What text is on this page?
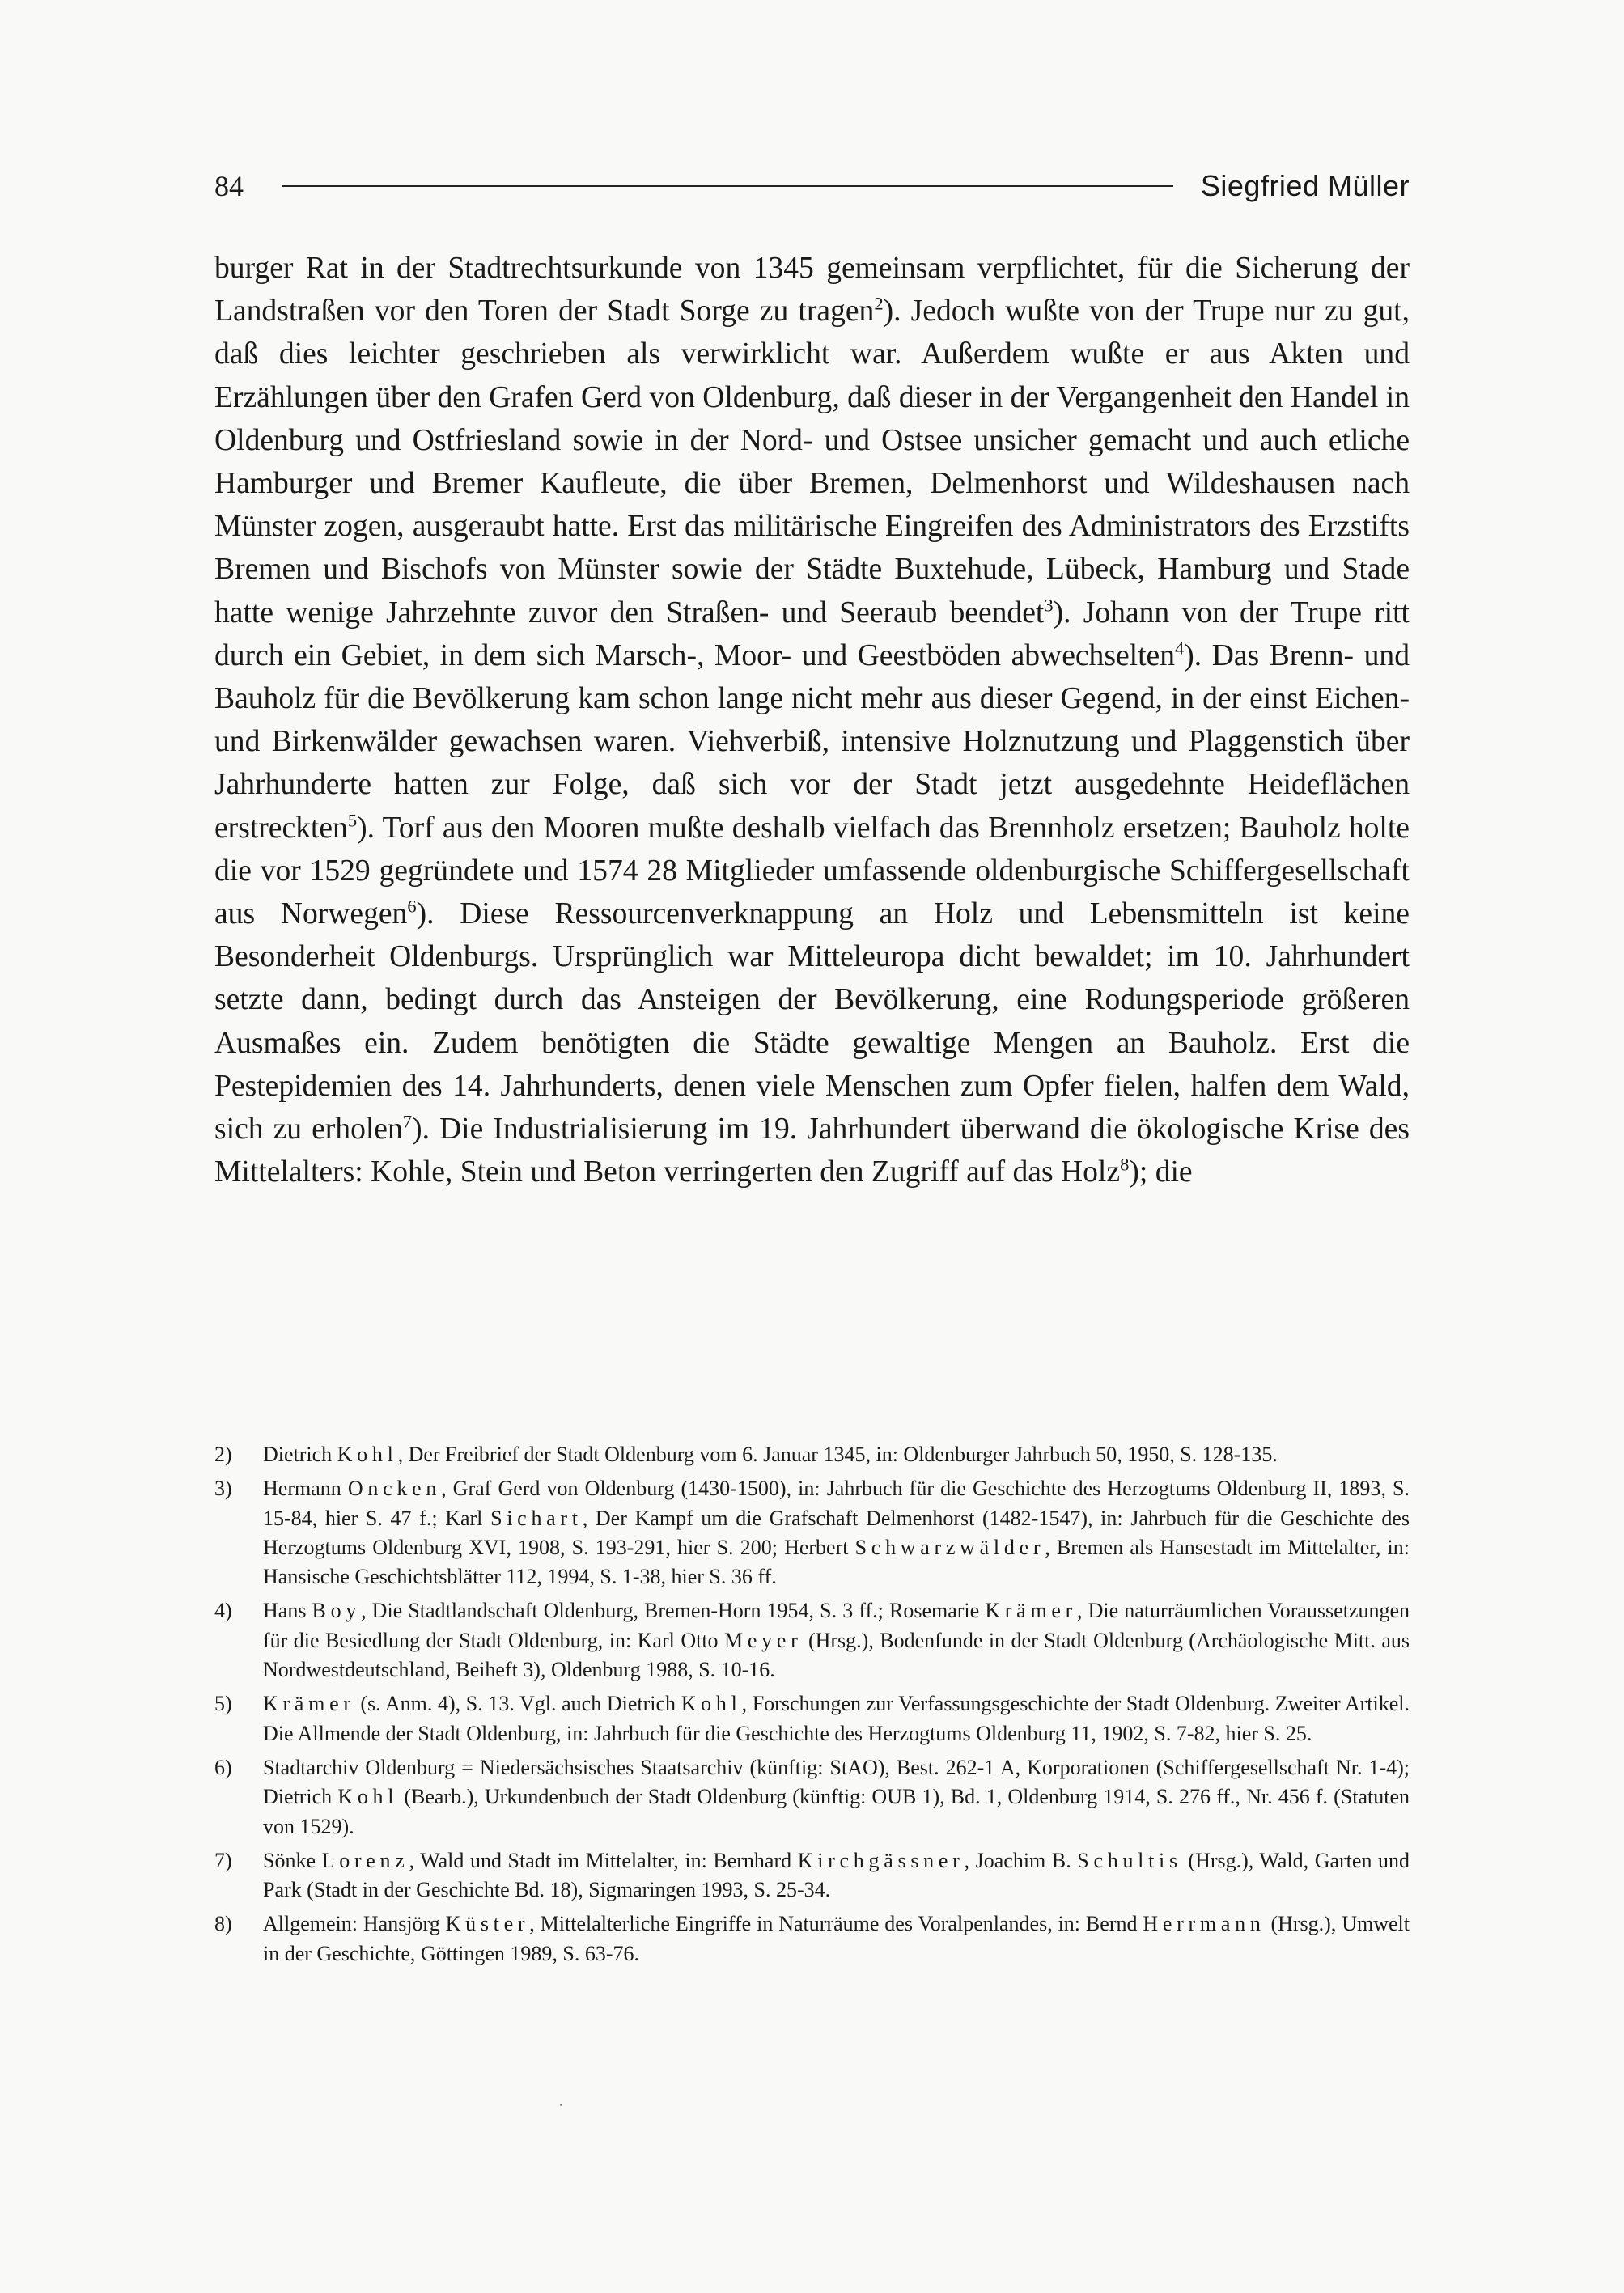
84	Siegfried Müller

burger Rat in der Stadtrechtsurkunde von 1345 gemeinsam verpflichtet, für die Sicherung der Landstraßen vor den Toren der Stadt Sorge zu tragen$^2$). Jedoch wußte von der Trupe nur zu gut, daß dies leichter geschrieben als verwirklicht war. Außerdem wußte er aus Akten und Erzählungen über den Grafen Gerd von Oldenburg, daß dieser in der Vergangenheit den Handel in Oldenburg und Ostfriesland sowie in der Nord- und Ostsee unsicher gemacht und auch etliche Hamburger und Bremer Kaufleute, die über Bremen, Delmenhorst und Wildeshausen nach Münster zogen, ausgeraubt hatte. Erst das militärische Eingreifen des Administrators des Erzstifts Bremen und Bischofs von Münster sowie der Städte Buxtehude, Lübeck, Hamburg und Stade hatte wenige Jahrzehnte zuvor den Straßen- und Seeraub beendet$^3$). Johann von der Trupe ritt durch ein Gebiet, in dem sich Marsch-, Moor- und Geestböden abwechselten$^4$). Das Brenn- und Bauholz für die Bevölkerung kam schon lange nicht mehr aus dieser Gegend, in der einst Eichen- und Birkenwälder gewachsen waren. Viehverbiß, intensive Holznutzung und Plaggenstich über Jahrhunderte hatten zur Folge, daß sich vor der Stadt jetzt ausgedehnte Heideflächen erstreckten$^5$). Torf aus den Mooren mußte deshalb vielfach das Brennholz ersetzen; Bauholz holte die vor 1529 gegründete und 1574 28 Mitglieder umfassende oldenburgische Schiffergesellschaft aus Norwegen$^6$). Diese Ressourcenverknappung an Holz und Lebensmitteln ist keine Besonderheit Oldenburgs. Ursprünglich war Mitteleuropa dicht bewaldet; im 10. Jahrhundert setzte dann, bedingt durch das Ansteigen der Bevölkerung, eine Rodungsperiode größeren Ausmaßes ein. Zudem benötigten die Städte gewaltige Mengen an Bauholz. Erst die Pestepidemien des 14. Jahrhunderts, denen viele Menschen zum Opfer fielen, halfen dem Wald, sich zu erholen$^7$). Die Industrialisierung im 19. Jahrhundert überwand die ökologische Krise des Mittelalters: Kohle, Stein und Beton verringerten den Zugriff auf das Holz$^8$); die

2)	Dietrich Kohl, Der Freibrief der Stadt Oldenburg vom 6. Januar 1345, in: Oldenburger Jahrbuch 50, 1950, S. 128-135.
3)	Hermann Oncken, Graf Gerd von Oldenburg (1430-1500), in: Jahrbuch für die Geschichte des Herzogtums Oldenburg II, 1893, S. 15-84, hier S. 47 f.; Karl Sichart, Der Kampf um die Grafschaft Delmenhorst (1482-1547), in: Jahrbuch für die Geschichte des Herzogtums Oldenburg XVI, 1908, S. 193-291, hier S. 200; Herbert Schwarzwälder, Bremen als Hansestadt im Mittelalter, in: Hansische Geschichtsblätter 112, 1994, S. 1-38, hier S. 36 ff.
4)	Hans Boy, Die Stadtlandschaft Oldenburg, Bremen-Horn 1954, S. 3 ff.; Rosemarie Krämer, Die naturräumlichen Voraussetzungen für die Besiedlung der Stadt Oldenburg, in: Karl Otto Meyer (Hrsg.), Bodenfunde in der Stadt Oldenburg (Archäologische Mitt. aus Nordwestdeutschland, Beiheft 3), Oldenburg 1988, S. 10-16.
5)	Krämer (s. Anm. 4), S. 13. Vgl. auch Dietrich Kohl, Forschungen zur Verfassungsgeschichte der Stadt Oldenburg. Zweiter Artikel. Die Allmende der Stadt Oldenburg, in: Jahrbuch für die Geschichte des Herzogtums Oldenburg 11, 1902, S. 7-82, hier S. 25.
6)	Stadtarchiv Oldenburg = Niedersächsisches Staatsarchiv (künftig: StAO), Best. 262-1 A, Korporationen (Schiffergesellschaft Nr. 1-4); Dietrich Kohl (Bearb.), Urkundenbuch der Stadt Oldenburg (künftig: OUB 1), Bd. 1, Oldenburg 1914, S. 276 ff., Nr. 456 f. (Statuten von 1529).
7)	Sönke Lorenz, Wald und Stadt im Mittelalter, in: Bernhard Kirchgässner, Joachim B. Schultis (Hrsg.), Wald, Garten und Park (Stadt in der Geschichte Bd. 18), Sigmaringen 1993, S. 25-34.
8)	Allgemein: Hansjörg Küster, Mittelalterliche Eingriffe in Naturräume des Voralpenlandes, in: Bernd Herrmann (Hrsg.), Umwelt in der Geschichte, Göttingen 1989, S. 63-76.
